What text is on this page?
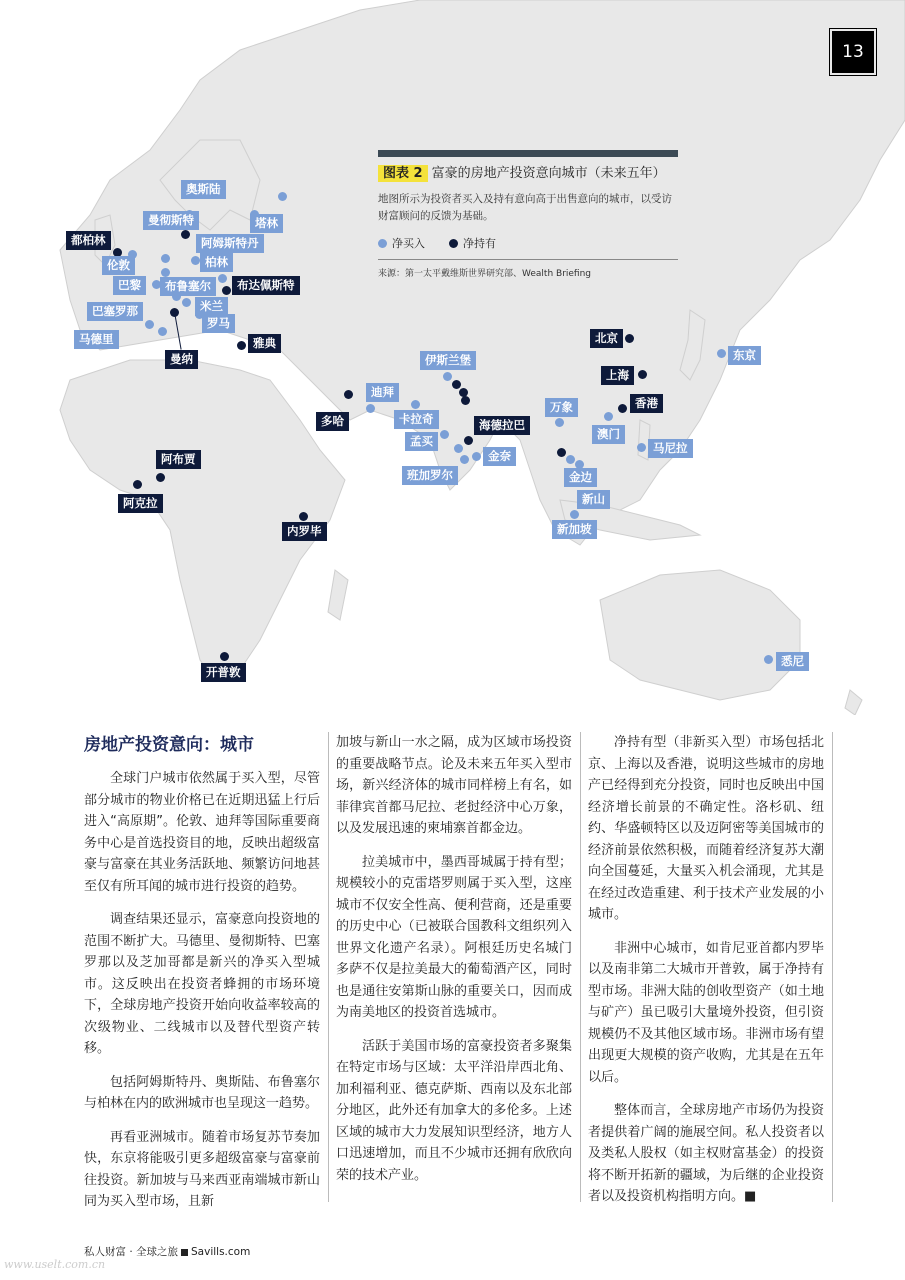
13
图表 2 富豪的房地产投资意向城市（未来五年）
地图所示为投资者买入及持有意向高于出售意向的城市，以受访财富顾问的反馈为基础。
净买入	净持有
来源：第一太平戴维斯世界研究部、Wealth Briefing
奥斯陆
曼彻斯特	塔林
都柏林	阿姆斯特丹
伦敦	柏林
巴黎	布鲁塞尔	布达佩斯特
巴塞罗那	米兰
罗马
马德里	雅典
曼纳
北京
东京
上海
伊斯兰堡
迪拜
香港
万象
多哈	卡拉奇	海德拉巴
澳门
马尼拉
孟买
金奈
金边
班加罗尔
阿布贾
阿克拉	新山
内罗毕	新加坡
开普敦
悉尼
房地产投资意向：城市

全球门户城市依然属于买入型，尽管部分城市的物业价格已在近期迅猛上行后进入“高原期”。伦敦、迪拜等国际重要商务中心是首选投资目的地，反映出超级富豪与富豪在其业务活跃地、频繁访问地甚至仅有所耳闻的城市进行投资的趋势。

调查结果还显示，富豪意向投资地的范围不断扩大。马德里、曼彻斯特、巴塞罗那以及芝加哥都是新兴的净买入型城市。这反映出在投资者蜂拥的市场环境下，全球房地产投资开始向收益率较高的次级物业、二线城市以及替代型资产转移。

包括阿姆斯特丹、奥斯陆、布鲁塞尔与柏林在内的欧洲城市也呈现这一趋势。

再看亚洲城市。随着市场复苏节奏加快，东京将能吸引更多超级富豪与富豪前往投资。新加坡与马来西亚南端城市新山同为买入型市场，且新

加坡与新山一水之隔，成为区域市场投资的重要战略节点。论及未来五年买入型市场，新兴经济体的城市同样榜上有名，如菲律宾首都马尼拉、老挝经济中心万象，以及发展迅速的柬埔寨首都金边。

拉美城市中，墨西哥城属于持有型；规模较小的克雷塔罗则属于买入型，这座城市不仅安全性高、便利营商，还是重要的历史中心（已被联合国教科文组织列入世界文化遗产名录）。阿根廷历史名城门多萨不仅是拉美最大的葡萄酒产区，同时也是通往安第斯山脉的重要关口，因而成为南美地区的投资首选城市。

活跃于美国市场的富豪投资者多聚集在特定市场与区域：太平洋沿岸西北角、加利福利亚、德克萨斯、西南以及东北部分地区，此外还有加拿大的多伦多。上述区域的城市大力发展知识型经济，地方人口迅速增加，而且不少城市还拥有欣欣向荣的技术产业。

净持有型（非新买入型）市场包括北京、上海以及香港，说明这些城市的房地产已经得到充分投资，同时也反映出中国经济增长前景的不确定性。洛杉矶、纽约、华盛顿特区以及迈阿密等美国城市的经济前景依然积极，而随着经济复苏大潮向全国蔓延，大量买入机会涌现，尤其是在经过改造重建、利于技术产业发展的小城市。

非洲中心城市，如肯尼亚首都内罗毕以及南非第二大城市开普敦，属于净持有型市场。非洲大陆的创收型资产（如土地与矿产）虽已吸引大量境外投资，但引资规模仍不及其他区域市场。非洲市场有望出现更大规模的资产收购，尤其是在五年以后。

整体而言，全球房地产市场仍为投资者提供着广阔的施展空间。私人投资者以及类私人股权（如主权财富基金）的投资将不断开拓新的疆域，为后继的企业投资者以及投资机构指明方向。■

私人财富 · 全球之旅 Savills.com
www.uselt.com.cn
